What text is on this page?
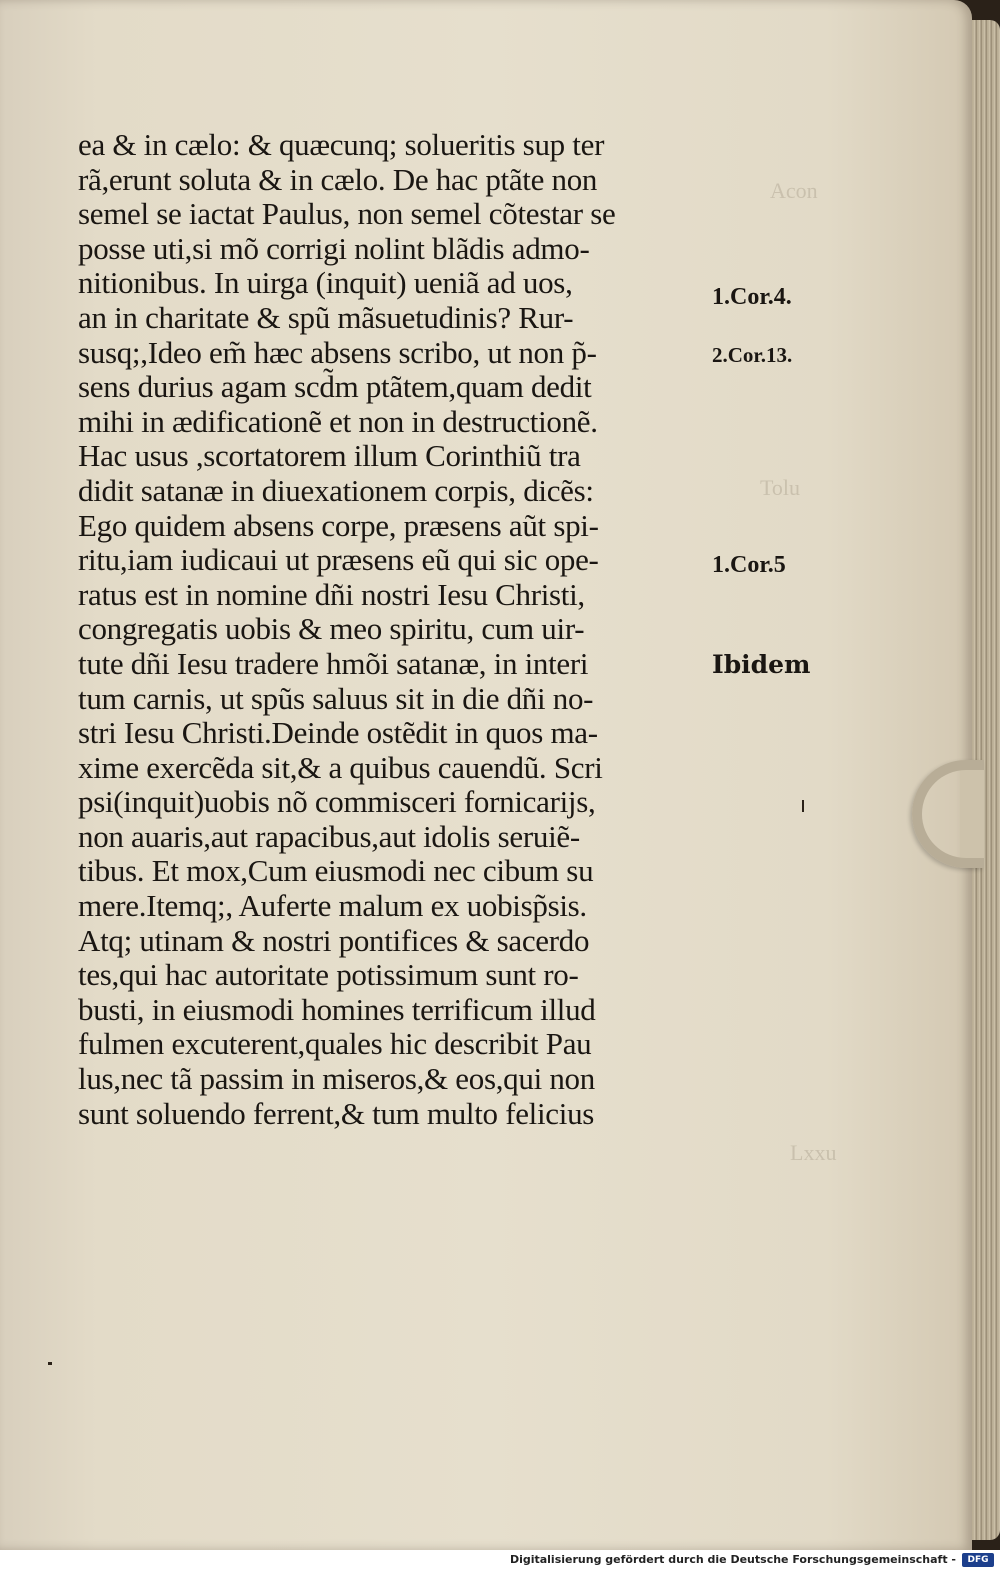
Acon
Tolu
Lxxu
ea & in cælo: & quæcunq; solueritis sup ter
rã,erunt soluta & in cælo. De hac ptãte non
semel se iactat Paulus, non semel cõtestar se
posse uti,si mõ corrigi nolint blãdis admo-
nitionibus. In uirga (inquit) ueniã ad uos,
an in charitate & spũ mãsuetudinis? Rur-
susq;,Ideo em̃ hæc absens scribo, ut non p̃-
sens durius agam scd̃m ptãtem,quam dedit
mihi in ædificationẽ et non in destructionẽ.
Hac usus ,scortatorem illum Corinthiũ tra
didit satanæ in diuexationem corpis, dicẽs:
Ego quidem absens corpe, præsens aũt spi-
ritu,iam iudicaui ut præsens eũ qui sic ope-
ratus est in nomine dñi nostri Iesu Christi,
congregatis uobis & meo spiritu, cum uir-
tute dñi Iesu tradere hmõi satanæ, in interi
tum carnis, ut spũs saluus sit in die dñi no-
stri Iesu Christi.Deinde ostẽdit in quos ma-
xime exercẽda sit,& a quibus cauendũ. Scri
psi(inquit)uobis nõ commisceri fornicarijs,
non auaris,aut rapacibus,aut idolis seruiẽ-
tibus. Et mox,Cum eiusmodi nec cibum su
mere.Itemq;, Auferte malum ex uobisp̃sis.
Atq; utinam & nostri pontifices & sacerdo
tes,qui hac autoritate potissimum sunt ro-
busti, in eiusmodi homines terrificum illud
fulmen excuterent,quales hic describit Pau
lus,nec tã passim in miseros,& eos,qui non
sunt soluendo ferrent,& tum multo felicius
1.Cor.4.
2.Cor.13.
1.Cor.5
Ibidem
Digitalisierung gefördert durch die Deutsche Forschungsgemeinschaft -	DFG
